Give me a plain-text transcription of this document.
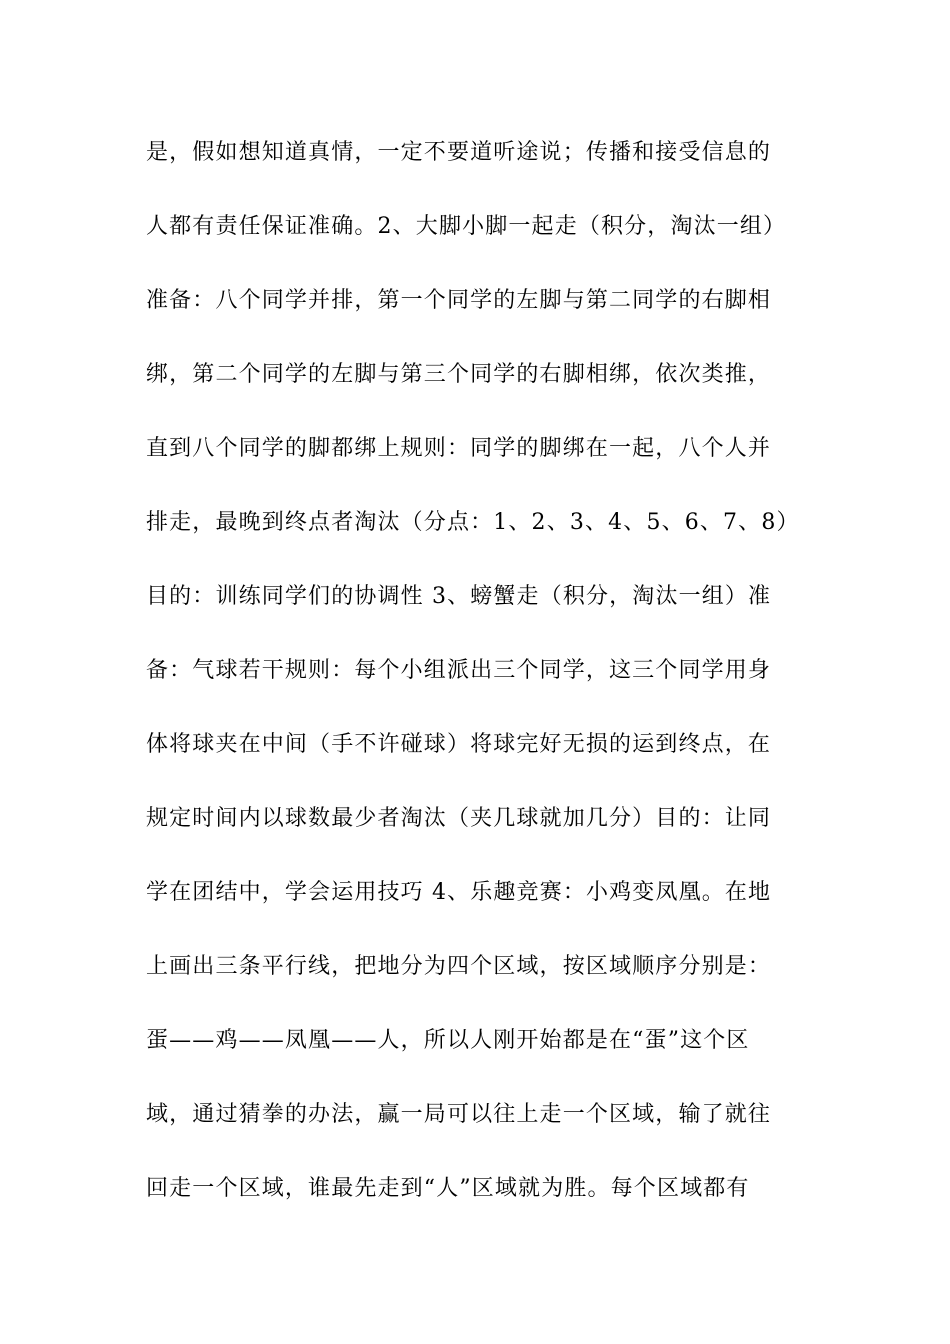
是，假如想知道真情，一定不要道听途说；传播和接受信息的
人都有责任保证准确。2、大脚小脚一起走（积分，淘汰一组）
准备：八个同学并排，第一个同学的左脚与第二同学的右脚相
绑，第二个同学的左脚与第三个同学的右脚相绑，依次类推，
直到八个同学的脚都绑上规则：同学的脚绑在一起，八个人并
排走，最晚到终点者淘汰（分点：1、2、3、4、5、6、7、8）
目的：训练同学们的协调性 3、螃蟹走（积分，淘汰一组）准
备：气球若干规则：每个小组派出三个同学，这三个同学用身
体将球夹在中间（手不许碰球）将球完好无损的运到终点，在
规定时间内以球数最少者淘汰（夹几球就加几分）目的：让同
学在团结中，学会运用技巧 4、乐趣竞赛：小鸡变凤凰。在地
上画出三条平行线，把地分为四个区域，按区域顺序分别是：
蛋——鸡——凤凰——人，所以人刚开始都是在“蛋”这个区
域，通过猜拳的办法，赢一局可以往上走一个区域，输了就往
回走一个区域，谁最先走到“人”区域就为胜。每个区域都有
